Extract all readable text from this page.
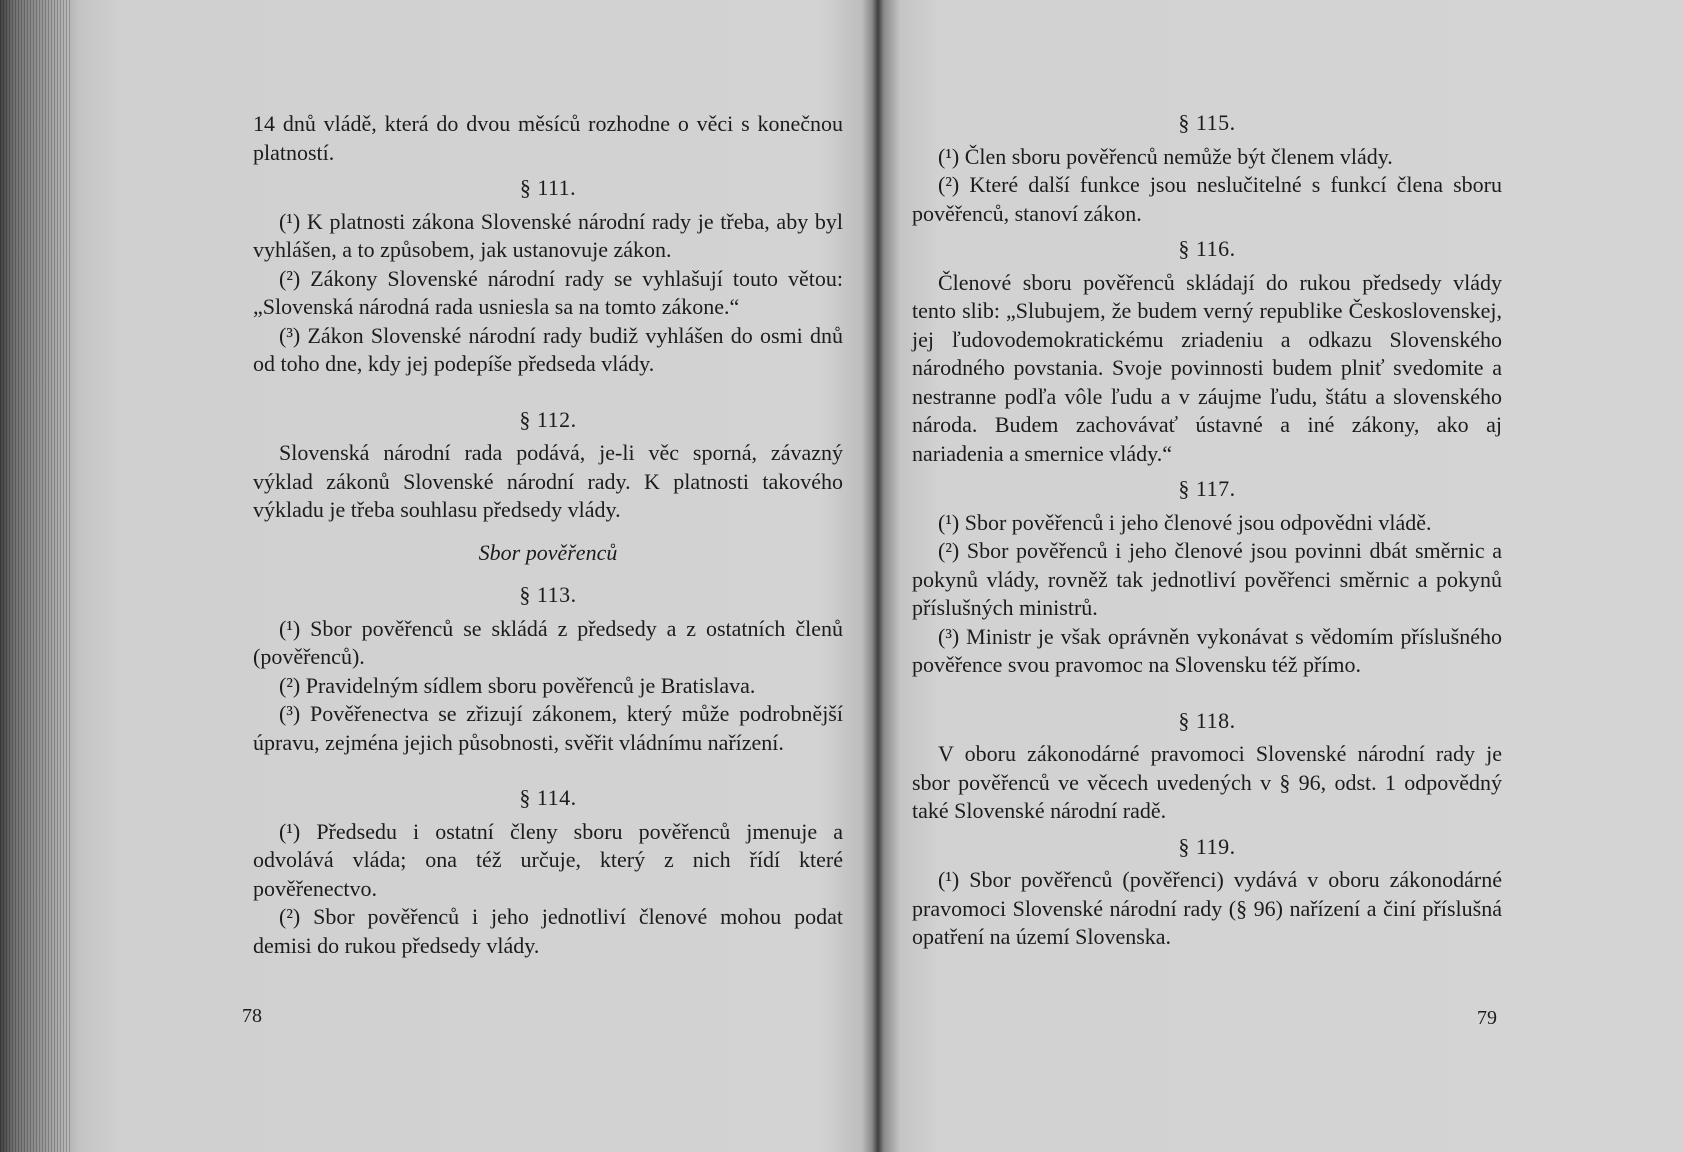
14 dnů vládě, která do dvou měsíců rozhodne o věci s konečnou platností.

§ 111.

(¹) K platnosti zákona Slovenské národní rady je třeba, aby byl vyhlášen, a to způsobem, jak ustanovuje zákon.

(²) Zákony Slovenské národní rady se vyhlašují touto větou: „Slovenská národná rada usniesla sa na tomto zákone.“

(³) Zákon Slovenské národní rady budiž vyhlášen do osmi dnů od toho dne, kdy jej podepíše předseda vlády.

§ 112.

Slovenská národní rada podává, je-li věc sporná, závazný výklad zákonů Slovenské národní rady. K platnosti takového výkladu je třeba souhlasu předsedy vlády.

Sbor pověřenců
§ 113.

(¹) Sbor pověřenců se skládá z předsedy a z ostatních členů (pověřenců).

(²) Pravidelným sídlem sboru pověřenců je Bratislava.

(³) Pověřenectva se zřizují zákonem, který může podrobnější úpravu, zejména jejich působnosti, svěřit vládnímu nařízení.

§ 114.

(¹) Předsedu i ostatní členy sboru pověřenců jmenuje a odvolává vláda; ona též určuje, který z nich řídí které pověřenectvo.

(²) Sbor pověřenců i jeho jednotliví členové mohou podat demisi do rukou předsedy vlády.

78
§ 115.

(¹) Člen sboru pověřenců nemůže být členem vlády.

(²) Které další funkce jsou neslučitelné s funkcí člena sboru pověřenců, stanoví zákon.

§ 116.

Členové sboru pověřenců skládají do rukou předsedy vlády tento slib: „Slubujem, že budem verný republike Československej, jej ľudovodemokratickému zriadeniu a odkazu Slovenského národného povstania. Svoje povinnosti budem plniť svedomite a nestranne podľa vôle ľudu a v záujme ľudu, štátu a slovenského národa. Budem zachovávať ústavné a iné zákony, ako aj nariadenia a smernice vlády.“

§ 117.

(¹) Sbor pověřenců i jeho členové jsou odpovědni vládě.

(²) Sbor pověřenců i jeho členové jsou povinni dbát směrnic a pokynů vlády, rovněž tak jednotliví pověřenci směrnic a pokynů příslušných ministrů.

(³) Ministr je však oprávněn vykonávat s vědomím příslušného pověřence svou pravomoc na Slovensku též přímo.

§ 118.

V oboru zákonodárné pravomoci Slovenské národní rady je sbor pověřenců ve věcech uvedených v § 96, odst. 1 odpovědný také Slovenské národní radě.

§ 119.

(¹) Sbor pověřenců (pověřenci) vydává v oboru zákonodárné pravomoci Slovenské národní rady (§ 96) nařízení a činí příslušná opatření na území Slovenska.

79
